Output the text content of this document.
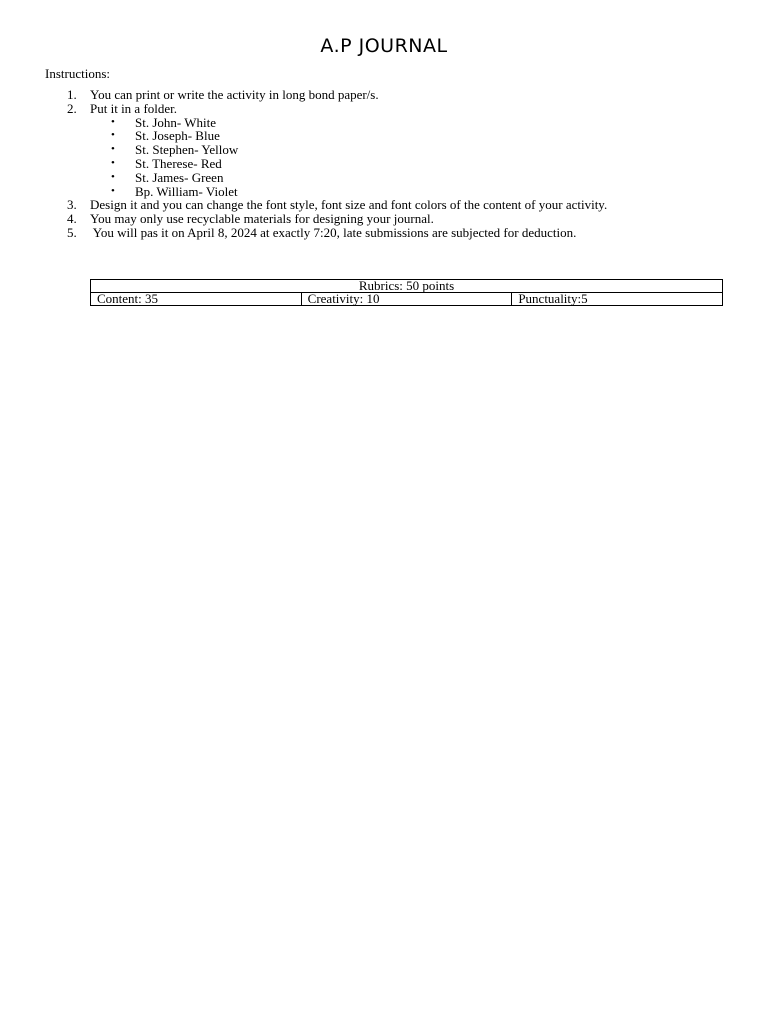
A.P JOURNAL
Instructions:
1. You can print or write the activity in long bond paper/s.
2. Put it in a folder.
• St. John- White
• St. Joseph- Blue
• St. Stephen- Yellow
• St. Therese- Red
• St. James- Green
• Bp. William- Violet
3. Design it and you can change the font style, font size and font colors of the content of your activity.
4. You may only use recyclable materials for designing your journal.
5. You will pas it on April 8, 2024 at exactly 7:20, late submissions are subjected for deduction.
Rubrics: 50 points
Content: 35	Creativity: 10	Punctuality:5
